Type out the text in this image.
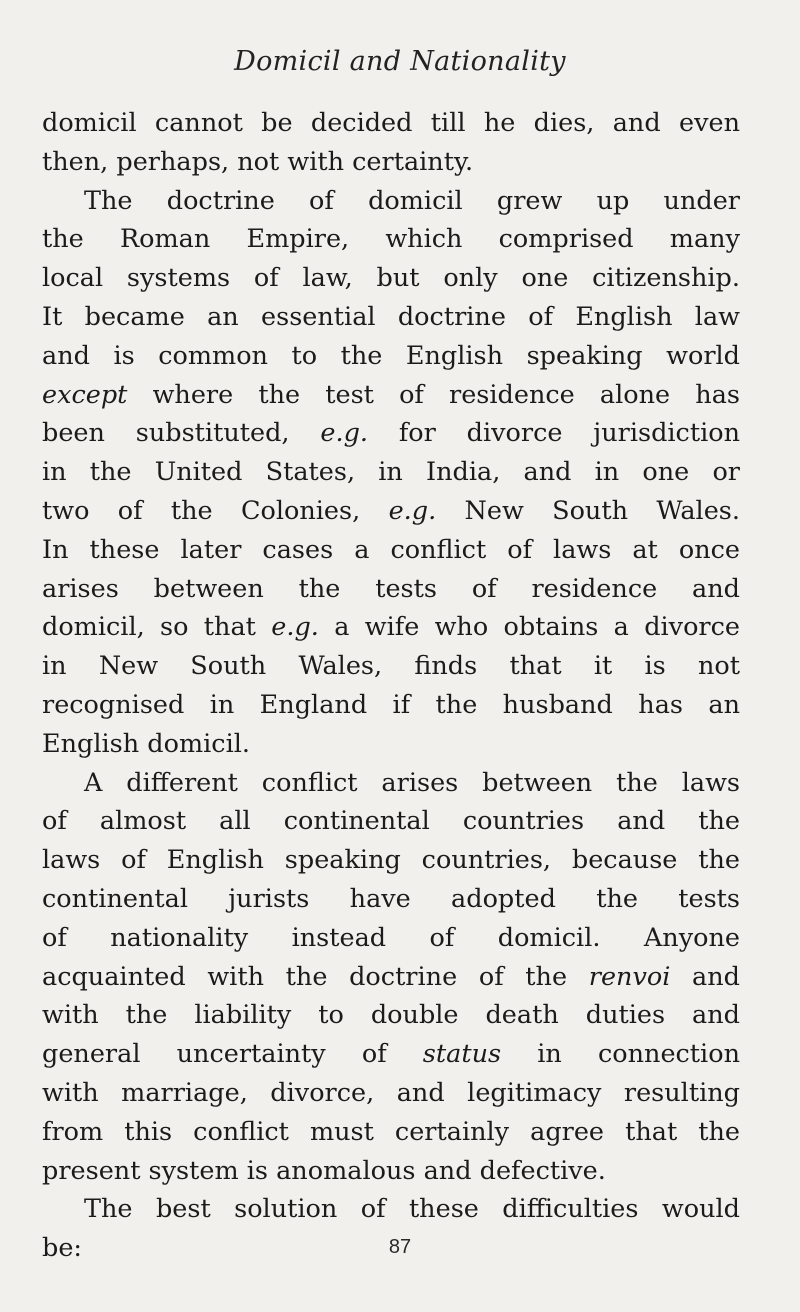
Domicil and Nationality
domicil cannot be decided till he dies, and even
then, perhaps, not with certainty.
The doctrine of domicil grew up under
the Roman Empire, which comprised many
local systems of law, but only one citizenship.
It became an essential doctrine of English law
and is common to the English speaking world
except where the test of residence alone has
been substituted, e.g. for divorce jurisdiction
in the United States, in India, and in one or
two of the Colonies, e.g. New South Wales.
In these later cases a conflict of laws at once
arises between the tests of residence and
domicil, so that e.g. a wife who obtains a divorce
in New South Wales, finds that it is not
recognised in England if the husband has an
English domicil.
A different conflict arises between the laws
of almost all continental countries and the
laws of English speaking countries, because the
continental jurists have adopted the tests
of nationality instead of domicil. Anyone
acquainted with the doctrine of the renvoi and
with the liability to double death duties and
general uncertainty of status in connection
with marriage, divorce, and legitimacy resulting
from this conflict must certainly agree that the
present system is anomalous and defective.
The best solution of these difficulties would
be:	87
